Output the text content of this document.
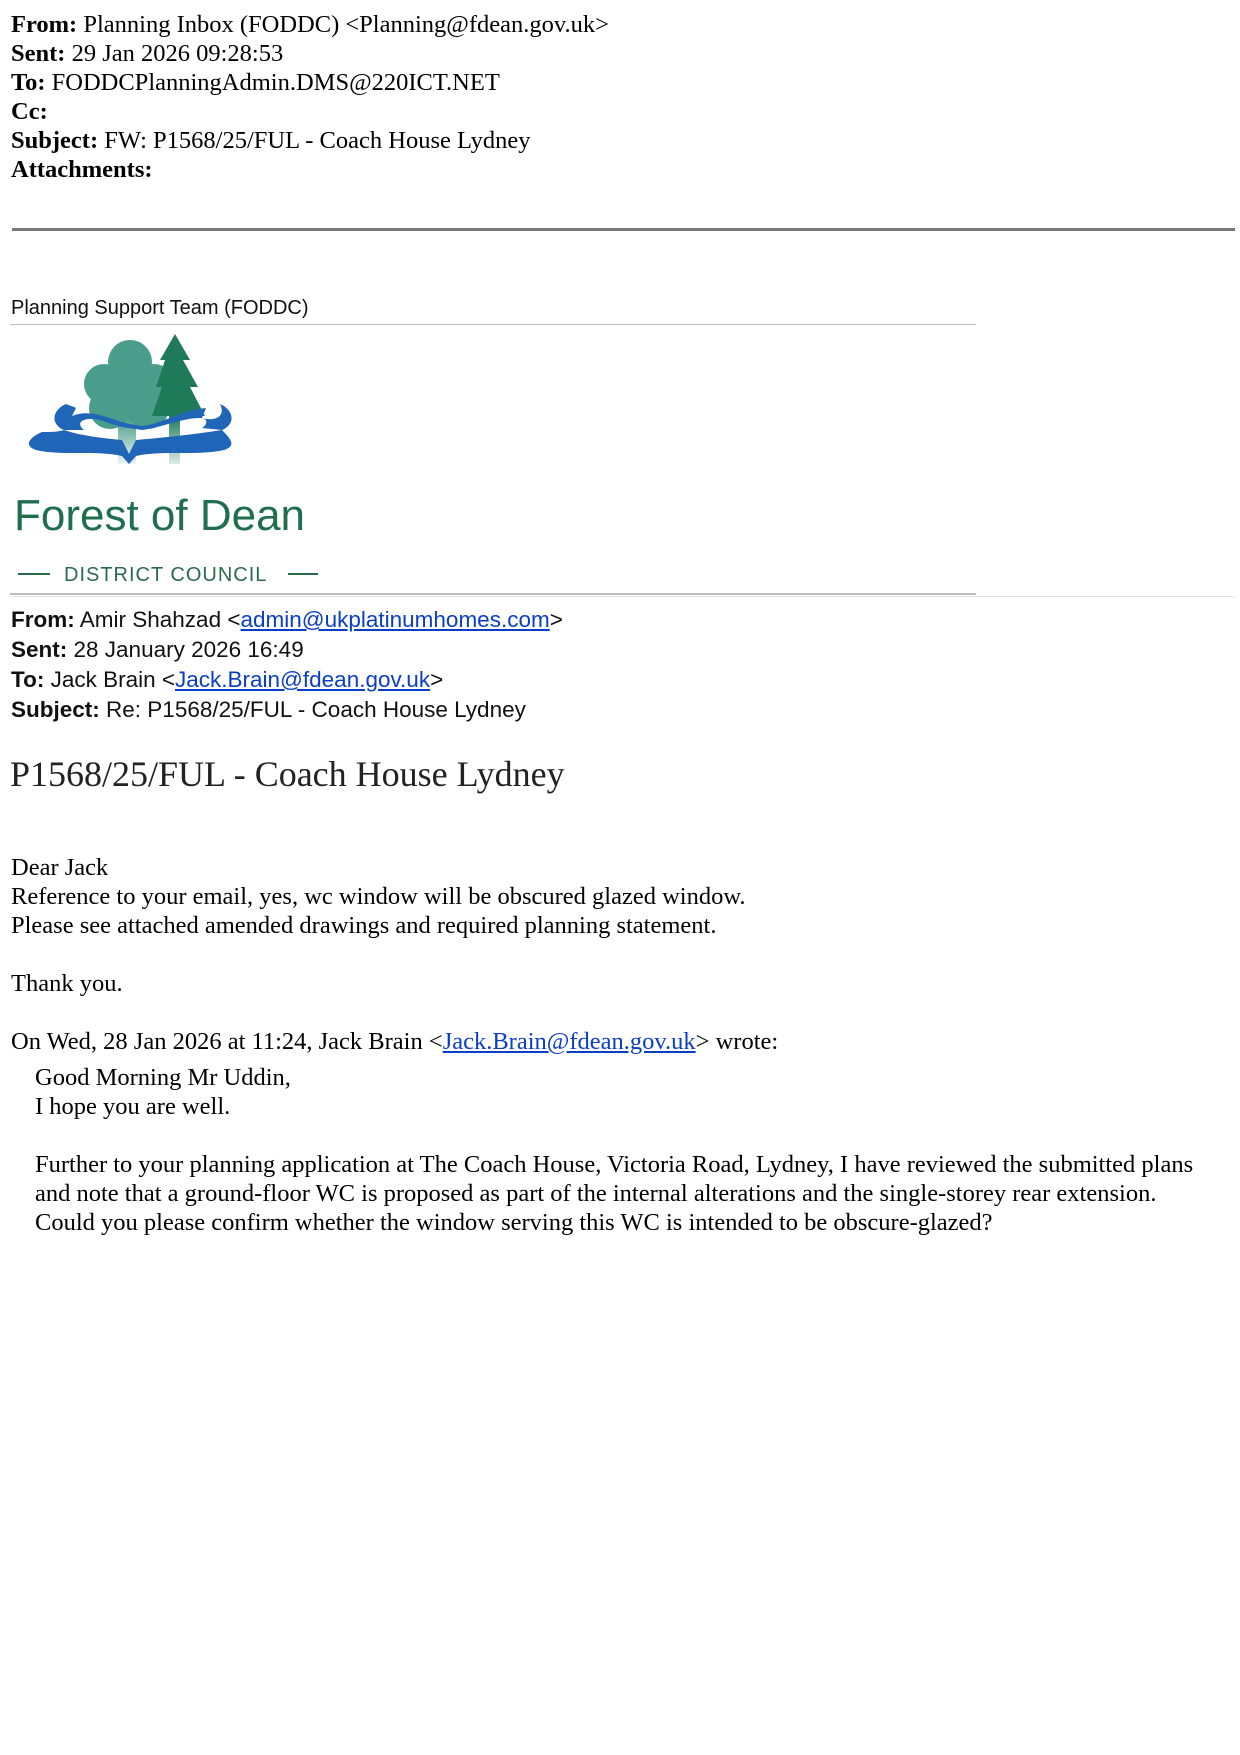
From: Planning Inbox (FODDC) <Planning@fdean.gov.uk>
Sent: 29 Jan 2026 09:28:53
To: FODDCPlanningAdmin.DMS@220ICT.NET
Cc:
Subject: FW: P1568/25/FUL - Coach House Lydney
Attachments:
Planning Support Team (FODDC)
Forest of Dean
DISTRICT COUNCIL
From: Amir Shahzad <admin@ukplatinumhomes.com>
Sent: 28 January 2026 16:49
To: Jack Brain <Jack.Brain@fdean.gov.uk>
Subject: Re: P1568/25/FUL - Coach House Lydney
P1568/25/FUL - Coach House Lydney
Dear Jack
Reference to your email, yes, wc window will be obscured glazed window.
Please see attached amended drawings and required planning statement.
Thank you.
On Wed, 28 Jan 2026 at 11:24, Jack Brain <Jack.Brain@fdean.gov.uk> wrote:
Good Morning Mr Uddin,
I hope you are well.
Further to your planning application at The Coach House, Victoria Road, Lydney, I have reviewed the submitted plans
and note that a ground-floor WC is proposed as part of the internal alterations and the single-storey rear extension.
Could you please confirm whether the window serving this WC is intended to be obscure-glazed?
